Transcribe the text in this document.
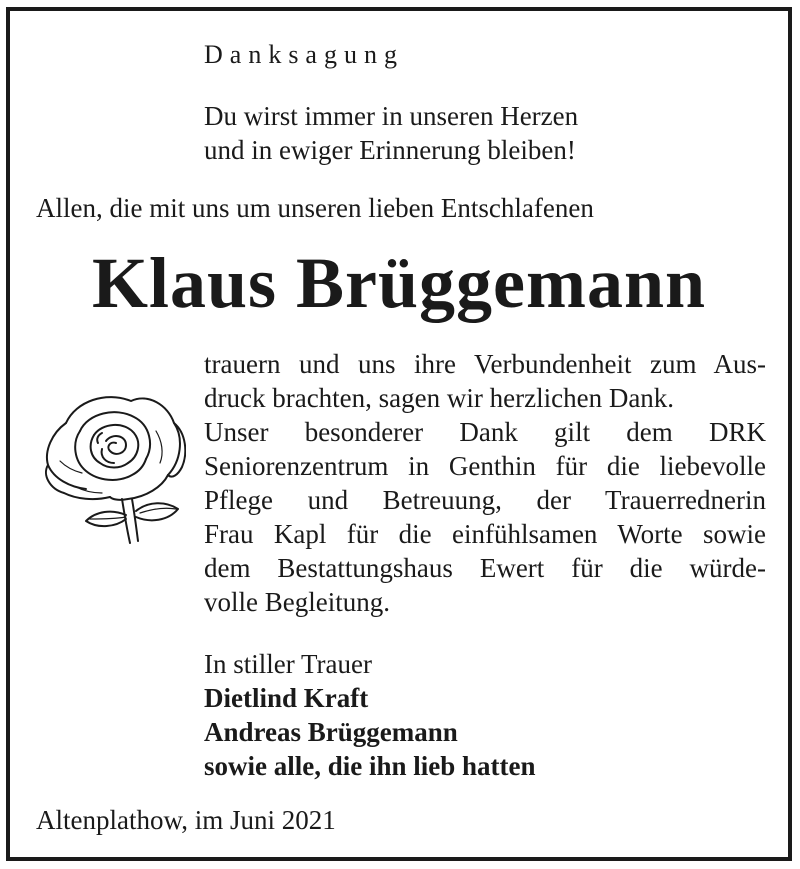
Danksagung
Du wirst immer in unseren Herzen
und in ewiger Erinnerung bleiben!
Allen, die mit uns um unseren lieben Entschlafenen
Klaus Brüggemann
trauern und uns ihre Verbundenheit zum Aus-
druck brachten, sagen wir herzlichen Dank.
Unser besonderer Dank gilt dem DRK
Seniorenzentrum in Genthin für die liebevolle
Pflege und Betreuung, der Trauerrednerin
Frau Kapl für die einfühlsamen Worte sowie
dem Bestattungshaus Ewert für die würde-
volle Begleitung.
In stiller Trauer
Dietlind Kraft
Andreas Brüggemann
sowie alle, die ihn lieb hatten
Altenplathow, im Juni 2021
